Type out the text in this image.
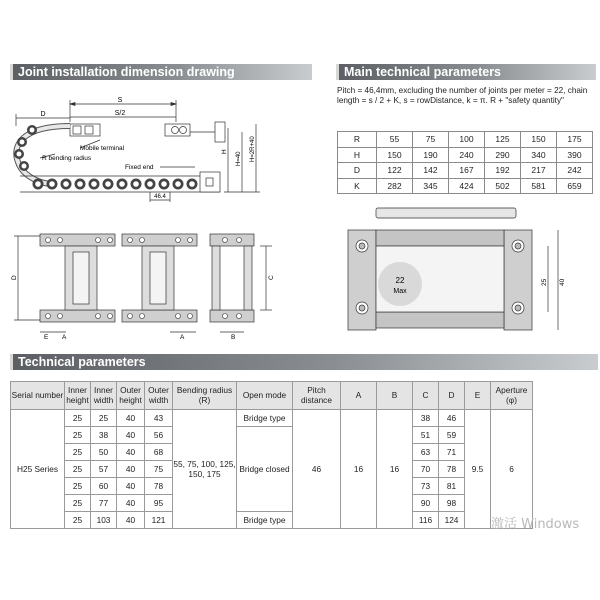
Joint installation dimension drawing	Main technical parameters
Technical parameters
Pitch = 46,4mm, excluding the number of joints per meter = 22, chain length = s / 2 + K, s = rowDistance, k = π. R + "safety quantity"
R	55	75	100	125	150	175
H	150	190	240	290	340	390
D	122	142	167	192	217	242
K	282	345	424	502	581	659
S
S/2
D
Mobile terminal
R bending radius
Fixed end
H H=40 H=2R+40
46.4
D	C
E A	A	B
22
Max
25 40
Serial number	Inner height	Inner width	Outer height	Outer width	Bending radius (R)	Open mode	Pitch distance	A	B	C	D	E	Aperture (φ)
H25 Series	25	25	40	43	55, 75, 100, 125, 150, 175	Bridge type	46	16	16	38	46	9.5	6
	25	38	40	56		Bridge closed				51	59		
	25	50	40	68						63	71		
	25	57	40	75						70	78		
	25	60	40	78						73	81		
	25	77	40	95						90	98		
	25	103	40	121		Bridge type				116	124			激活 Windows
